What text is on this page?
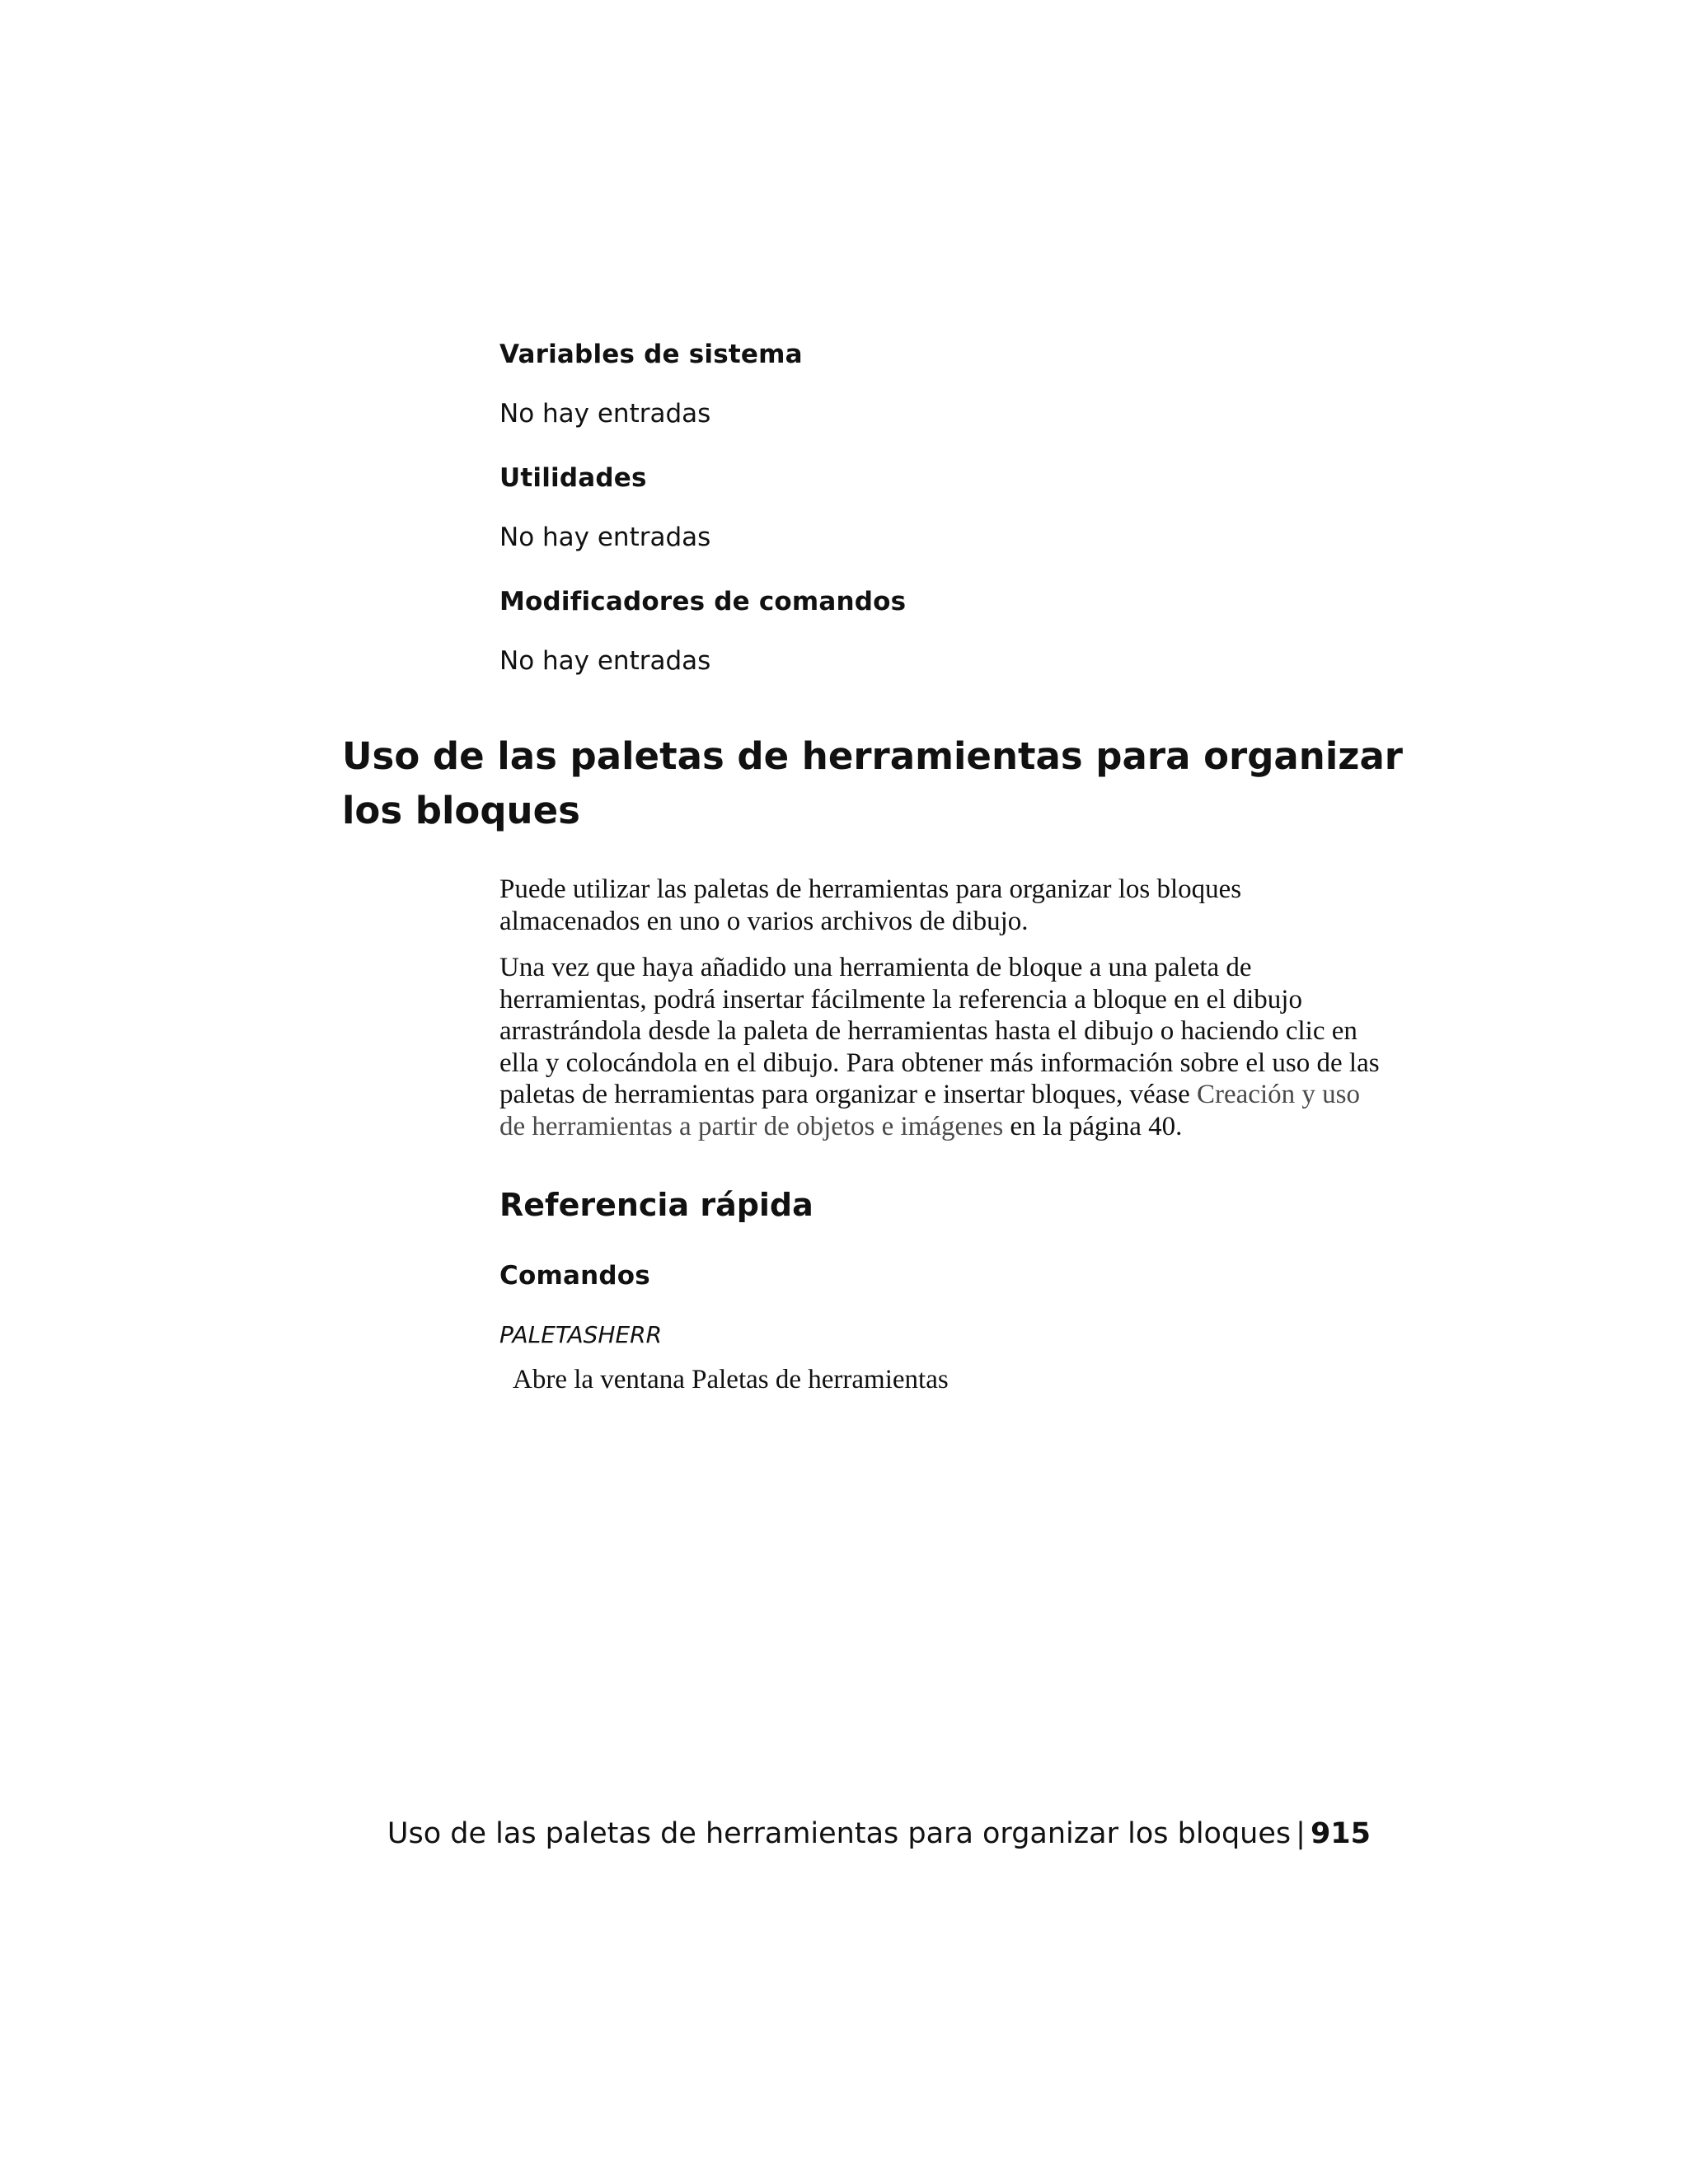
Variables de sistema

No hay entradas

Utilidades

No hay entradas

Modificadores de comandos

No hay entradas

Uso de las paletas de herramientas para organizar los bloques

Puede utilizar las paletas de herramientas para organizar los bloques almacenados en uno o varios archivos de dibujo.

Una vez que haya añadido una herramienta de bloque a una paleta de herramientas, podrá insertar fácilmente la referencia a bloque en el dibujo arrastrándola desde la paleta de herramientas hasta el dibujo o haciendo clic en ella y colocándola en el dibujo. Para obtener más información sobre el uso de las paletas de herramientas para organizar e insertar bloques, véase Creación y uso de herramientas a partir de objetos e imágenes en la página 40.

Referencia rápida

Comandos

PALETASHERR

Abre la ventana Paletas de herramientas

Uso de las paletas de herramientas para organizar los bloques | 915
